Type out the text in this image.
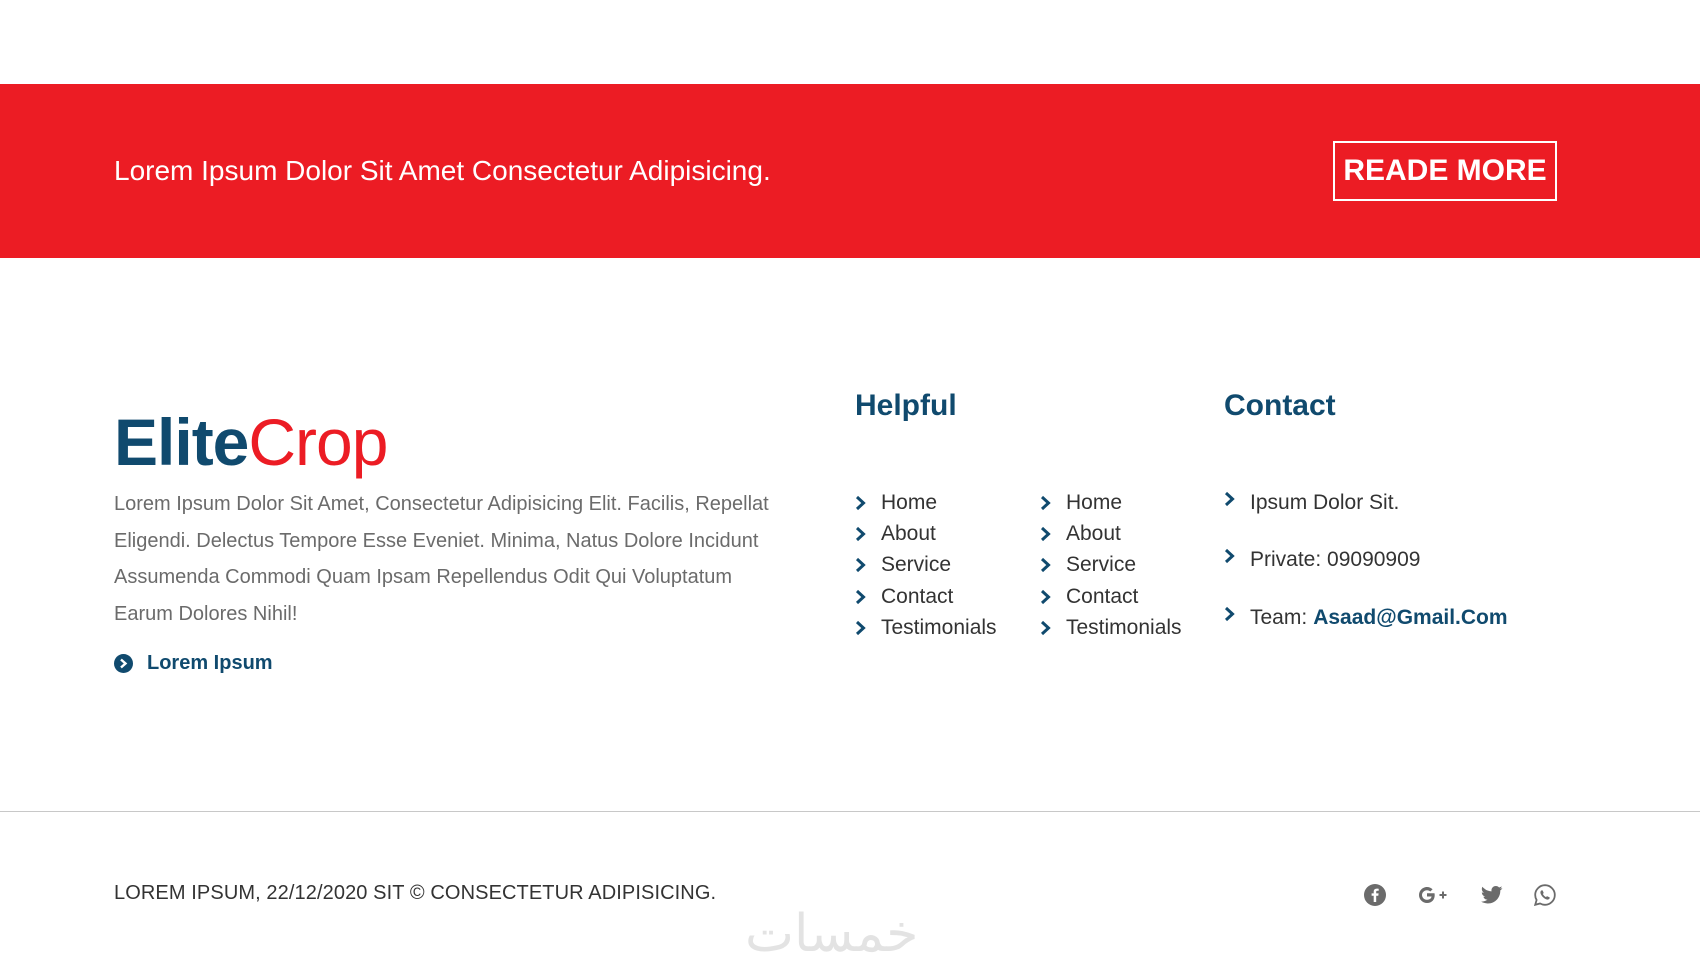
Lorem Ipsum Dolor Sit Amet Consectetur Adipisicing.	READE MORE
EliteCrop

Lorem Ipsum Dolor Sit Amet, Consectetur Adipisicing Elit. Facilis, Repellat Eligendi. Delectus Tempore Esse Eveniet. Minima, Natus Dolore Incidunt Assumenda Commodi Quam Ipsam Repellendus Odit Qui Voluptatum Earum Dolores Nihil!

Lorem Ipsum
Helpful
Home
About
Service
Contact
Testimonials
Home
About
Service
Contact
Testimonials
Contact
Ipsum Dolor Sit.
Private: 09090909
Team: Asaad@Gmail.Com
LOREM IPSUM, 22/12/2020 SIT © CONSECTETUR ADIPISICING.
خمسات
